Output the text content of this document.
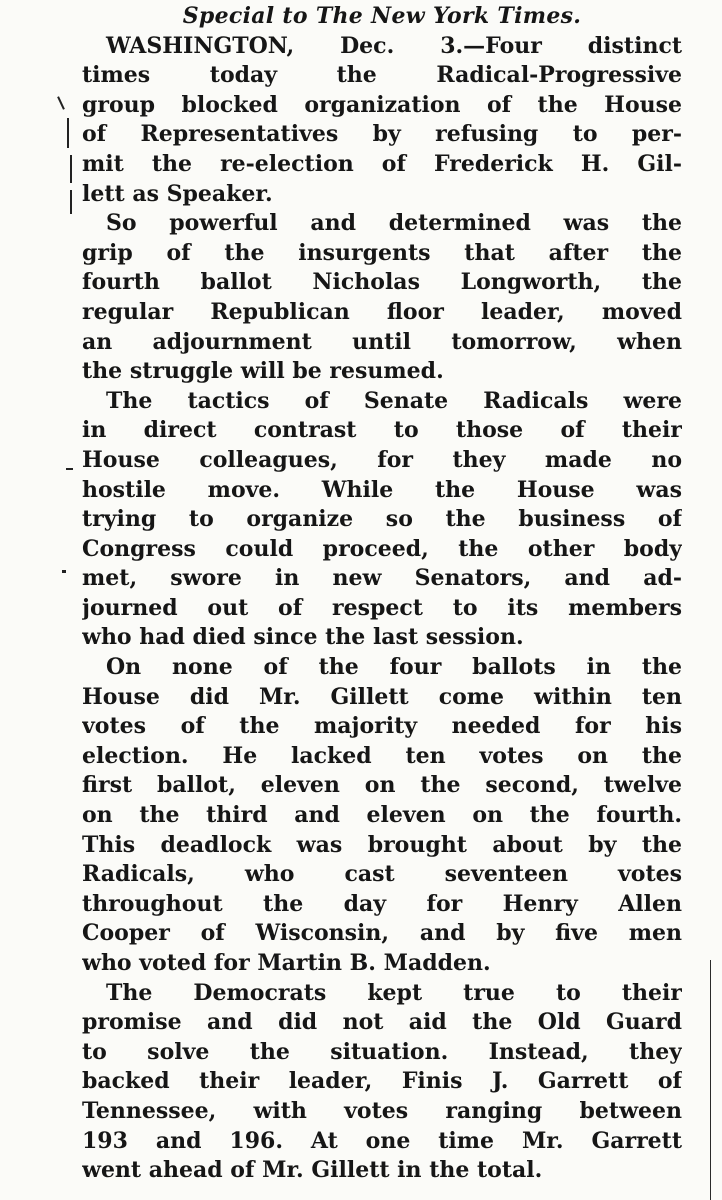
Special to The New York Times.

WASHINGTON, Dec. 3.—Four distinct
times today the Radical-Progressive
group blocked organization of the House
of Representatives by refusing to per-
mit the re-election of Frederick H. Gil-
lett as Speaker.
So powerful and determined was the
grip of the insurgents that after the
fourth ballot Nicholas Longworth, the
regular Republican floor leader, moved
an adjournment until tomorrow, when
the struggle will be resumed.
The tactics of Senate Radicals were
in direct contrast to those of their
House colleagues, for they made no
hostile move. While the House was
trying to organize so the business of
Congress could proceed, the other body
met, swore in new Senators, and ad-
journed out of respect to its members
who had died since the last session.
On none of the four ballots in the
House did Mr. Gillett come within ten
votes of the majority needed for his
election. He lacked ten votes on the
first ballot, eleven on the second, twelve
on the third and eleven on the fourth.
This deadlock was brought about by the
Radicals, who cast seventeen votes
throughout the day for Henry Allen
Cooper of Wisconsin, and by five men
who voted for Martin B. Madden.
The Democrats kept true to their
promise and did not aid the Old Guard
to solve the situation. Instead, they
backed their leader, Finis J. Garrett of
Tennessee, with votes ranging between
193 and 196. At one time Mr. Garrett
went ahead of Mr. Gillett in the total.
